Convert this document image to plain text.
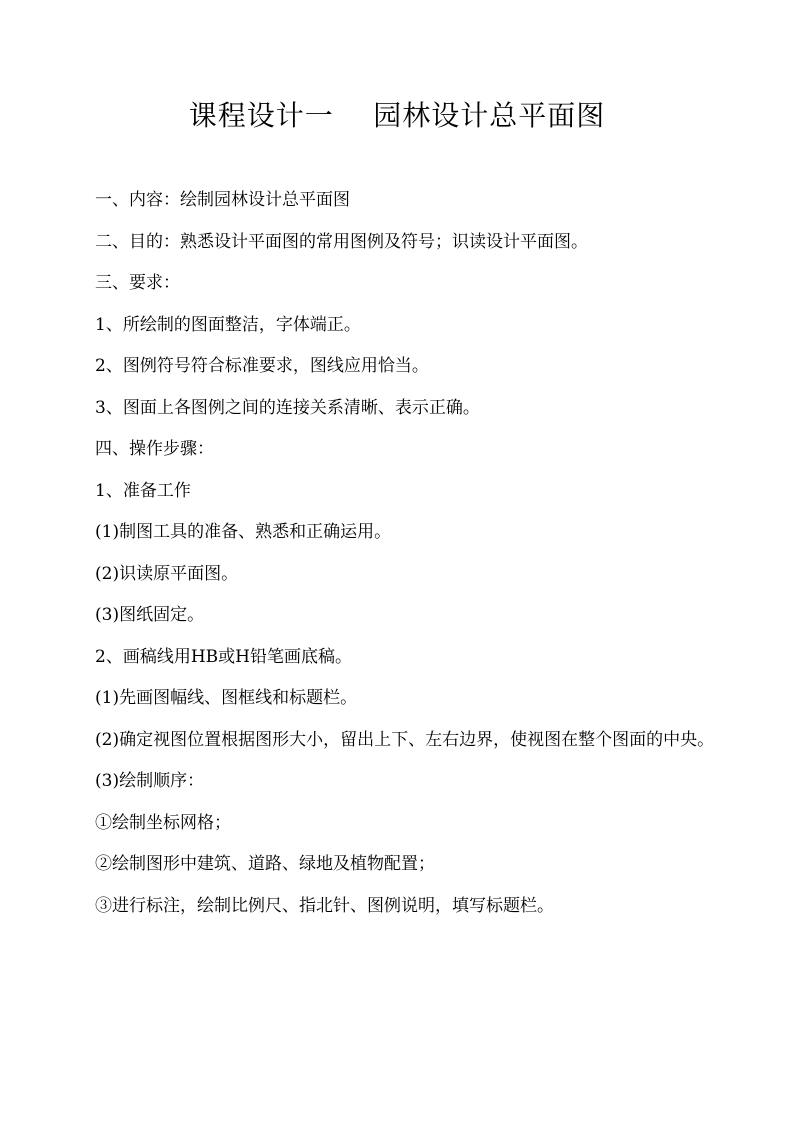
课程设计一    园林设计总平面图

一、内容：绘制园林设计总平面图

二、目的：熟悉设计平面图的常用图例及符号；识读设计平面图。

三、要求：

1、所绘制的图面整洁，字体端正。

2、图例符号符合标准要求，图线应用恰当。

3、图面上各图例之间的连接关系清晰、表示正确。

四、操作步骤：

1、准备工作

(1)制图工具的准备、熟悉和正确运用。

(2)识读原平面图。

(3)图纸固定。

2、画稿线用HB或H铅笔画底稿。

(1)先画图幅线、图框线和标题栏。

(2)确定视图位置根据图形大小，留出上下、左右边界，使视图在整个图面的中央。

(3)绘制顺序：

①绘制坐标网格；

②绘制图形中建筑、道路、绿地及植物配置；

③进行标注，绘制比例尺、指北针、图例说明，填写标题栏。
